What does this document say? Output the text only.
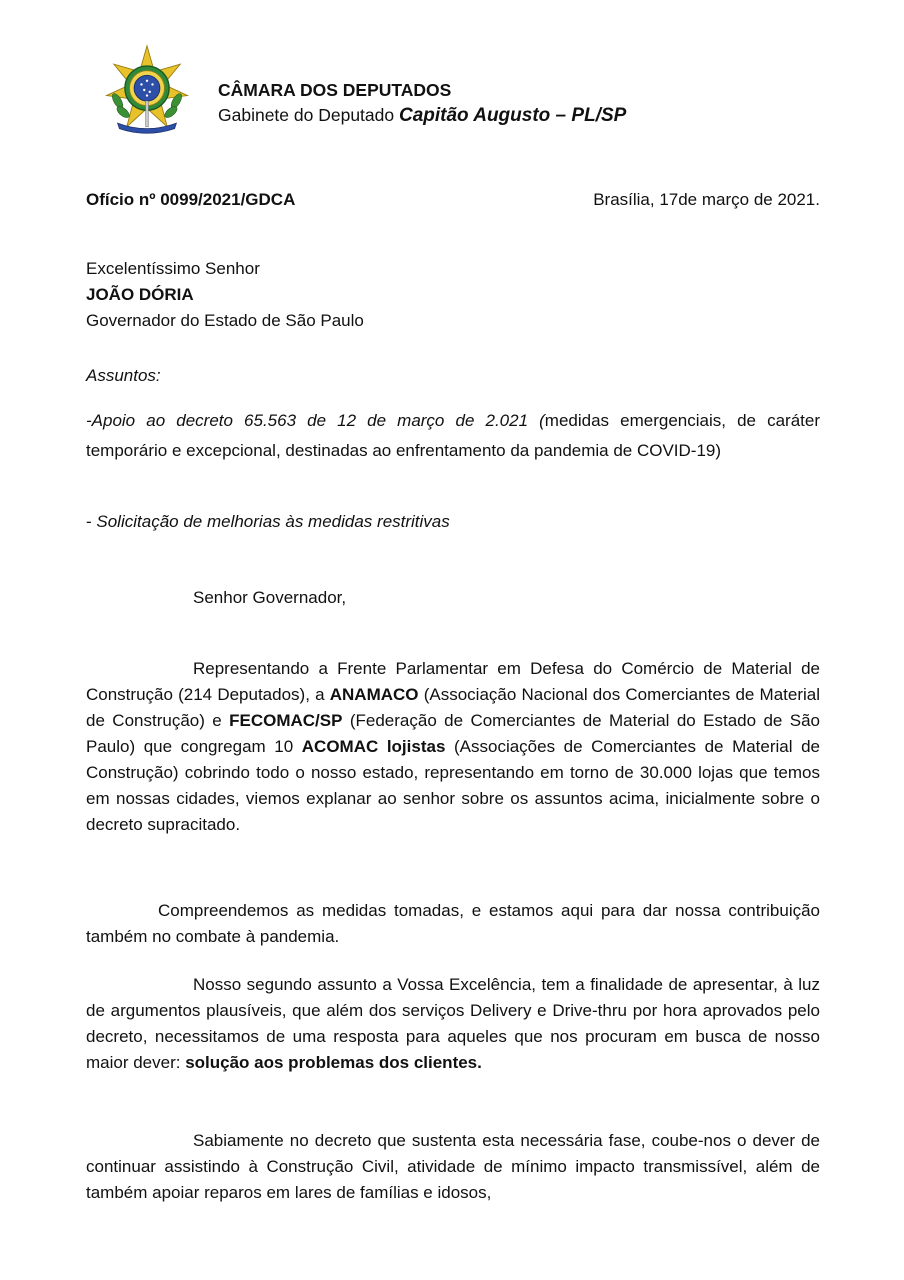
CÂMARA DOS DEPUTADOS
Gabinete do Deputado Capitão Augusto – PL/SP
Ofício nº 0099/2021/GDCA	Brasília, 17de março de 2021.
Excelentíssimo Senhor
JOÃO DÓRIA
Governador do Estado de São Paulo
Assuntos:
-Apoio ao decreto 65.563 de 12 de março de 2.021 (medidas emergenciais, de caráter temporário e excepcional, destinadas ao enfrentamento da pandemia de COVID-19)
- Solicitação de melhorias às medidas restritivas
Senhor Governador,
Representando a Frente Parlamentar em Defesa do Comércio de Material de Construção (214 Deputados), a ANAMACO (Associação Nacional dos Comerciantes de Material de Construção) e FECOMAC/SP (Federação de Comerciantes de Material do Estado de São Paulo) que congregam 10 ACOMAC lojistas (Associações de Comerciantes de Material de Construção) cobrindo todo o nosso estado, representando em torno de 30.000 lojas que temos em nossas cidades, viemos explanar ao senhor sobre os assuntos acima, inicialmente sobre o decreto supracitado.
Compreendemos as medidas tomadas, e estamos aqui para dar nossa contribuição também no combate à pandemia.
Nosso segundo assunto a Vossa Excelência, tem a finalidade de apresentar, à luz de argumentos plausíveis, que além dos serviços Delivery e Drive-thru por hora aprovados pelo decreto, necessitamos de uma resposta para aqueles que nos procuram em busca de nosso maior dever: solução aos problemas dos clientes.
Sabiamente no decreto que sustenta esta necessária fase, coube-nos o dever de continuar assistindo à Construção Civil, atividade de mínimo impacto transmissível, além de também apoiar reparos em lares de famílias e idosos,
